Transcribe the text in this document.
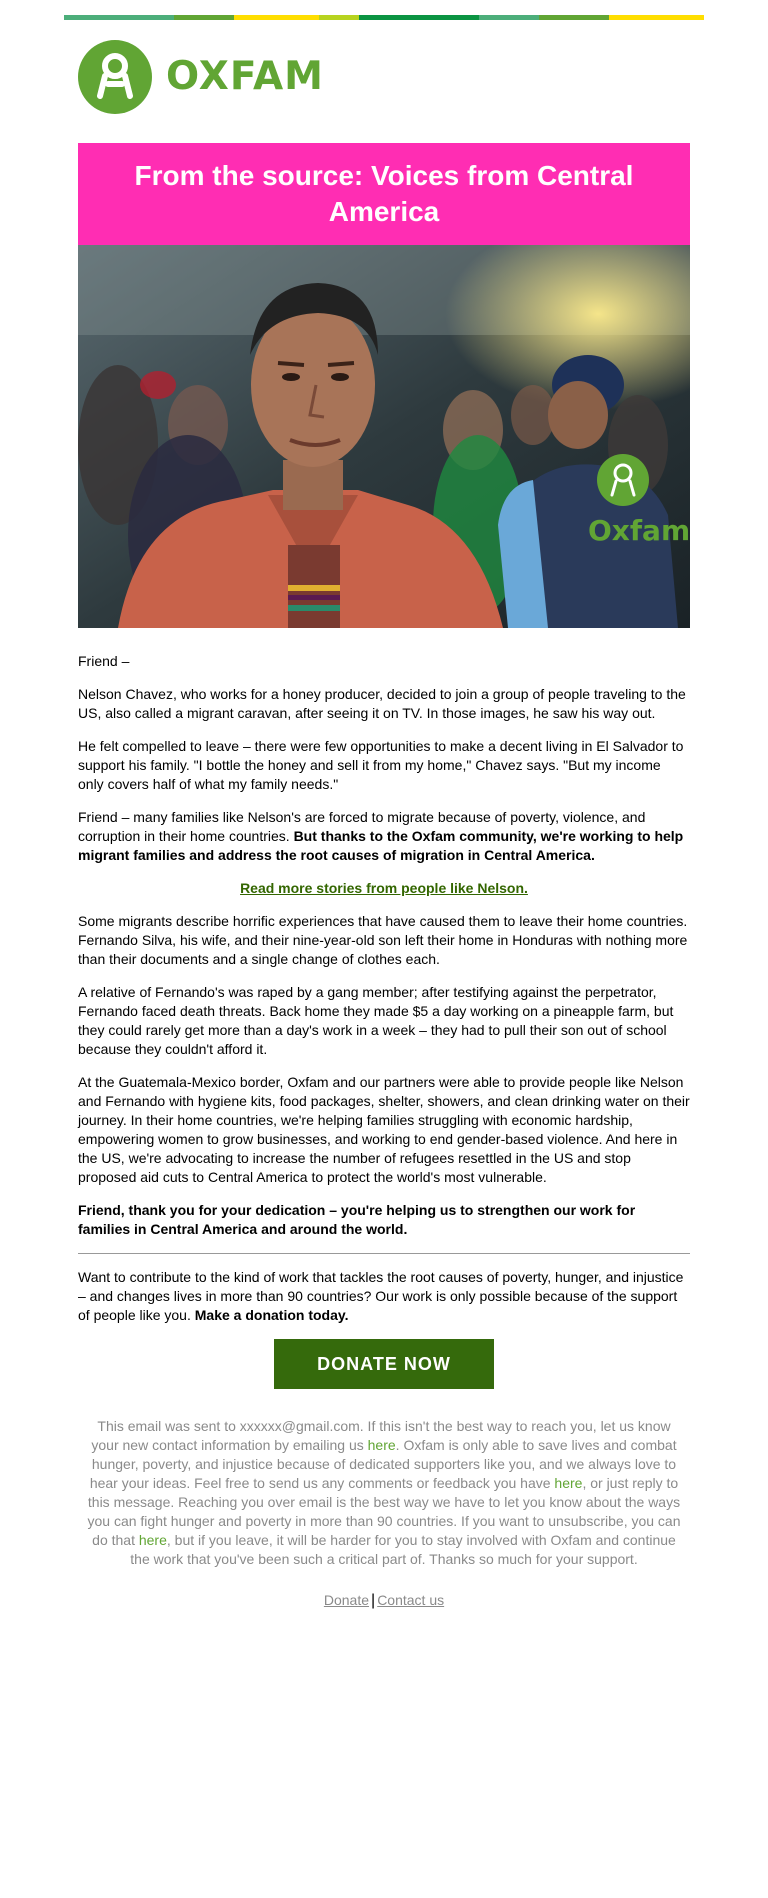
OXFAM
From the source: Voices from Central America
Oxfam

Friend –

Nelson Chavez, who works for a honey producer, decided to join a group of people traveling to the US, also called a migrant caravan, after seeing it on TV. In those images, he saw his way out.

He felt compelled to leave – there were few opportunities to make a decent living in El Salvador to support his family. "I bottle the honey and sell it from my home," Chavez says. "But my income only covers half of what my family needs."

Friend – many families like Nelson's are forced to migrate because of poverty, violence, and corruption in their home countries. But thanks to the Oxfam community, we're working to help migrant families and address the root causes of migration in Central America.

Read more stories from people like Nelson.

Some migrants describe horrific experiences that have caused them to leave their home countries. Fernando Silva, his wife, and their nine-year-old son left their home in Honduras with nothing more than their documents and a single change of clothes each.

A relative of Fernando's was raped by a gang member; after testifying against the perpetrator, Fernando faced death threats. Back home they made $5 a day working on a pineapple farm, but they could rarely get more than a day's work in a week – they had to pull their son out of school because they couldn't afford it.

At the Guatemala-Mexico border, Oxfam and our partners were able to provide people like Nelson and Fernando with hygiene kits, food packages, shelter, showers, and clean drinking water on their journey. In their home countries, we're helping families struggling with economic hardship, empowering women to grow businesses, and working to end gender-based violence. And here in the US, we're advocating to increase the number of refugees resettled in the US and stop proposed aid cuts to Central America to protect the world's most vulnerable.

Friend, thank you for your dedication – you're helping us to strengthen our work for families in Central America and around the world.

Want to contribute to the kind of work that tackles the root causes of poverty, hunger, and injustice – and changes lives in more than 90 countries? Our work is only possible because of the support of people like you. Make a donation today.

DONATE NOW
This email was sent to xxxxxx@gmail.com. If this isn't the best way to reach you, let us know your new contact information by emailing us here. Oxfam is only able to save lives and combat hunger, poverty, and injustice because of dedicated supporters like you, and we always love to hear your ideas. Feel free to send us any comments or feedback you have here, or just reply to this message. Reaching you over email is the best way we have to let you know about the ways you can fight hunger and poverty in more than 90 countries. If you want to unsubscribe, you can do that here, but if you leave, it will be harder for you to stay involved with Oxfam and continue the work that you've been such a critical part of. Thanks so much for your support.
Donate | Contact us
